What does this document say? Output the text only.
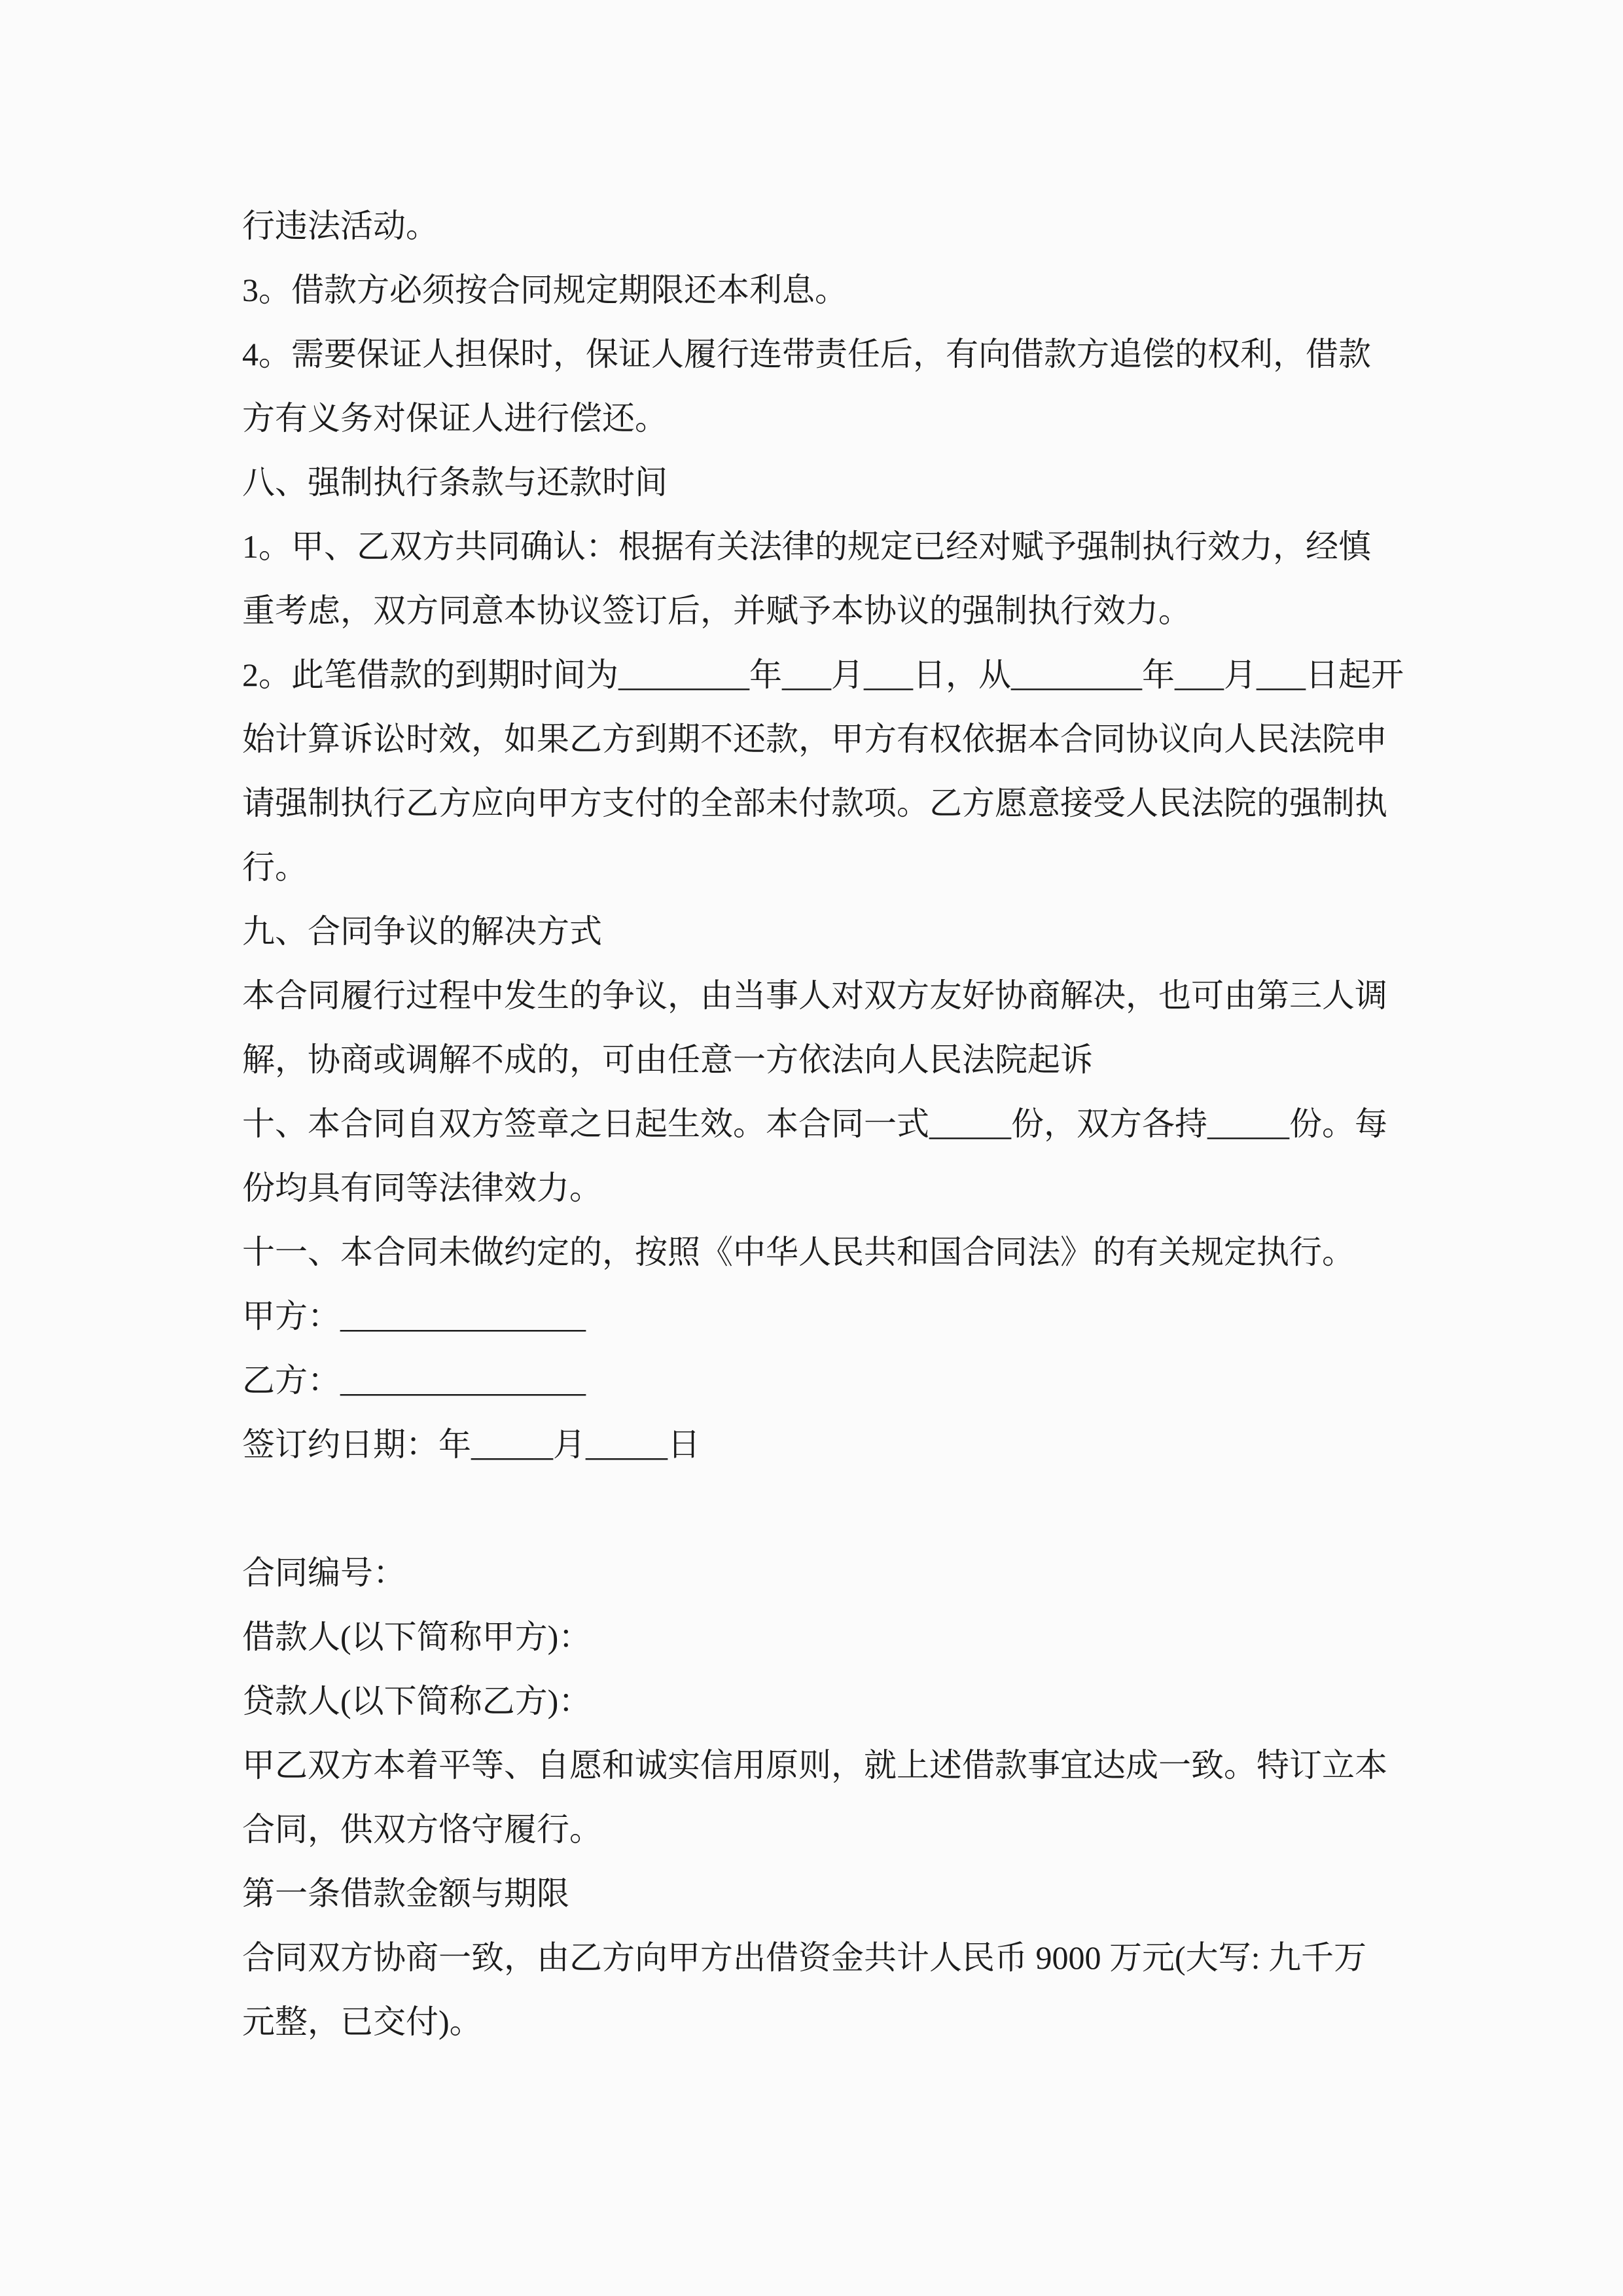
行违法活动。
3。借款方必须按合同规定期限还本利息。
4。需要保证人担保时，保证人履行连带责任后，有向借款方追偿的权利，借款
方有义务对保证人进行偿还。
八、强制执行条款与还款时间
1。甲、乙双方共同确认：根据有关法律的规定已经对赋予强制执行效力，经慎
重考虑，双方同意本协议签订后，并赋予本协议的强制执行效力。
2。此笔借款的到期时间为________年___月___日，从________年___月___日起开
始计算诉讼时效，如果乙方到期不还款，甲方有权依据本合同协议向人民法院申
请强制执行乙方应向甲方支付的全部未付款项。乙方愿意接受人民法院的强制执
行。
九、合同争议的解决方式
本合同履行过程中发生的争议，由当事人对双方友好协商解决，也可由第三人调
解，协商或调解不成的，可由任意一方依法向人民法院起诉
十、本合同自双方签章之日起生效。本合同一式_____份，双方各持_____份。每
份均具有同等法律效力。
十一、本合同未做约定的，按照《中华人民共和国合同法》的有关规定执行。
甲方：_______________
乙方：_______________
签订约日期：年_____月_____日
合同编号：
借款人(以下简称甲方)：
贷款人(以下简称乙方)：
甲乙双方本着平等、自愿和诚实信用原则，就上述借款事宜达成一致。特订立本
合同，供双方恪守履行。
第一条借款金额与期限
合同双方协商一致，由乙方向甲方出借资金共计人民币 9000 万元(大写: 九千万
元整，已交付)。
